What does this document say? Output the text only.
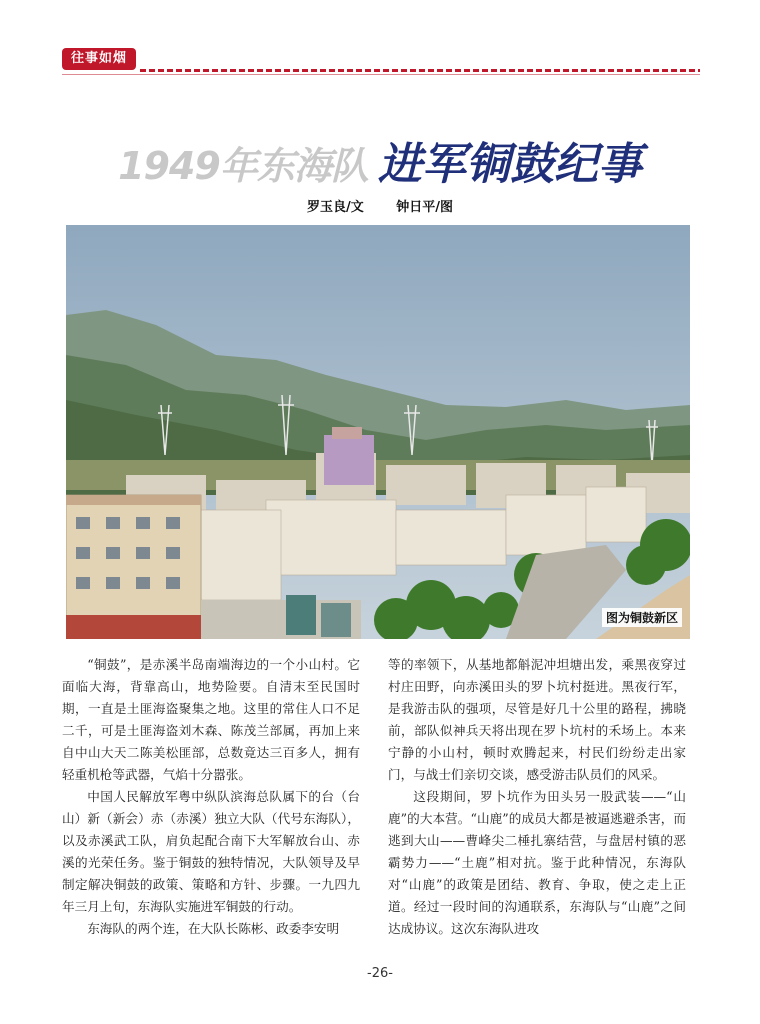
往事如烟
1949年东海队 进军铜鼓纪事
罗玉良/文	钟日平/图
图为铜鼓新区

“铜鼓”，是赤溪半岛南端海边的一个小山村。它面临大海，背靠高山，地势险要。自清末至民国时期，一直是土匪海盗聚集之地。这里的常住人口不足二千，可是土匪海盗刘木森、陈茂兰部属，再加上来自中山大天二陈美松匪部，总数竟达三百多人，拥有轻重机枪等武器，气焰十分嚣张。

中国人民解放军粤中纵队滨海总队属下的台（台山）新（新会）赤（赤溪）独立大队（代号东海队），以及赤溪武工队，肩负起配合南下大军解放台山、赤溪的光荣任务。鉴于铜鼓的独特情况，大队领导及早制定解决铜鼓的政策、策略和方针、步骤。一九四九年三月上旬，东海队实施进军铜鼓的行动。

东海队的两个连，在大队长陈彬、政委李安明

等的率领下，从基地都斛泥冲坦塘出发，乘黑夜穿过村庄田野，向赤溪田头的罗卜坑村挺进。黑夜行军，是我游击队的强项，尽管是好几十公里的路程，拂晓前，部队似神兵天将出现在罗卜坑村的禾场上。本来宁静的小山村，顿时欢腾起来，村民们纷纷走出家门，与战士们亲切交谈，感受游击队员们的风采。

这段期间，罗卜坑作为田头另一股武装——“山鹿”的大本营。“山鹿”的成员大都是被逼逃避杀害，而逃到大山——曹峰尖二棰扎寨结营，与盘居村镇的恶霸势力——“土鹿”相对抗。鉴于此种情况，东海队对“山鹿”的政策是团结、教育、争取，使之走上正道。经过一段时间的沟通联系，东海队与“山鹿”之间达成协议。这次东海队进攻

-26-
